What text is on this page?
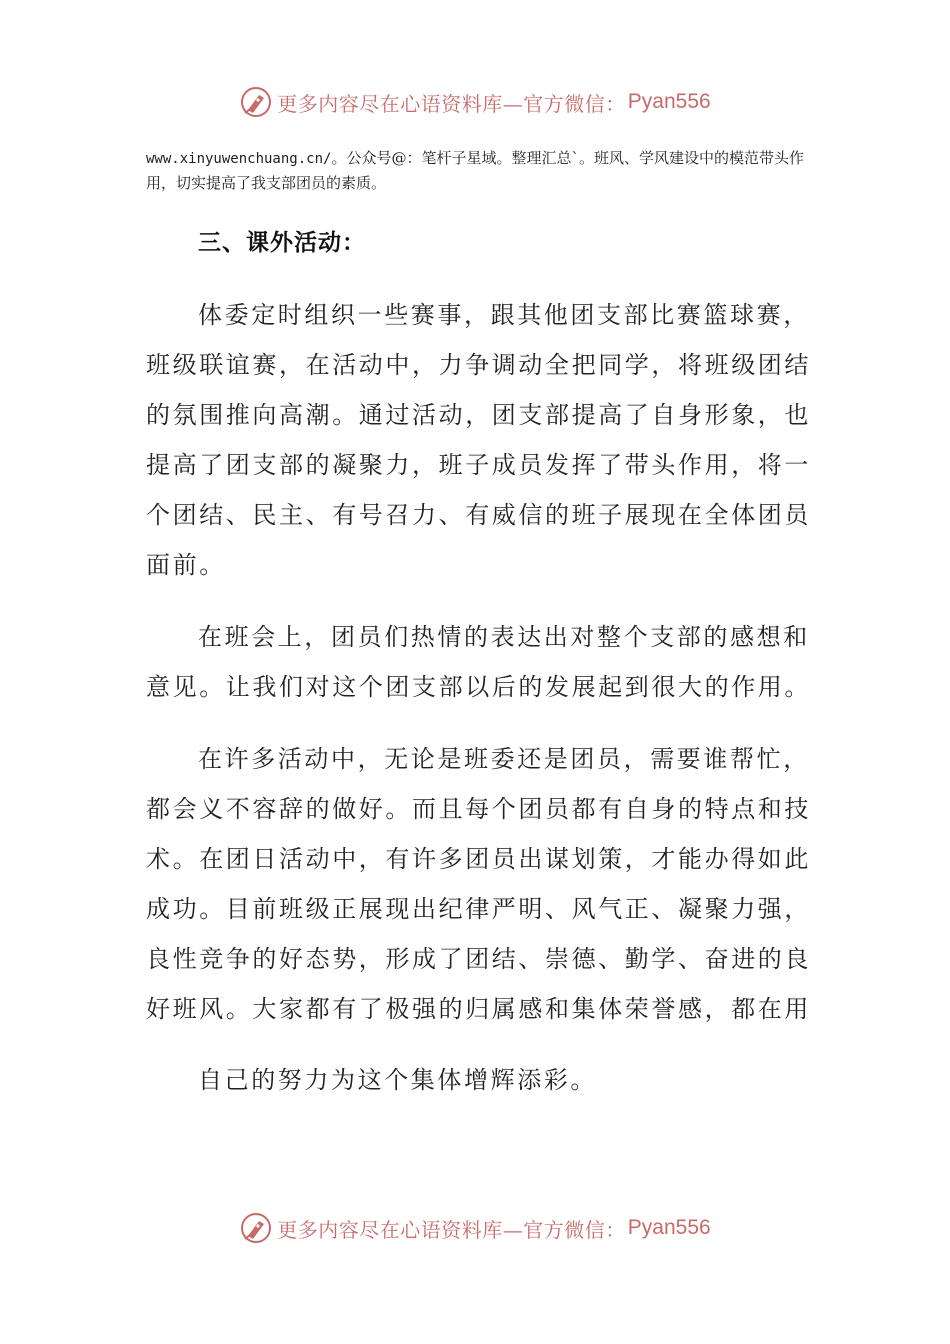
更多内容尽在心语资料库—官方微信： Pyan556
www.xinyuwenchuang.cn/。公众号@：笔杆子星域。整理汇总`。班风、学风建设中的模范带头作用，切实提高了我支部团员的素质。
三、课外活动：

体委定时组织一些赛事，跟其他团支部比赛篮球赛，班级联谊赛，在活动中，力争调动全把同学，将班级团结的氛围推向高潮。通过活动，团支部提高了自身形象，也提高了团支部的凝聚力，班子成员发挥了带头作用，将一个团结、民主、有号召力、有威信的班子展现在全体团员面前。

在班会上，团员们热情的表达出对整个支部的感想和意见。让我们对这个团支部以后的发展起到很大的作用。

在许多活动中，无论是班委还是团员，需要谁帮忙，都会义不容辞的做好。而且每个团员都有自身的特点和技术。在团日活动中，有许多团员出谋划策，才能办得如此成功。目前班级正展现出纪律严明、风气正、凝聚力强，良性竞争的好态势，形成了团结、崇德、勤学、奋进的良好班风。大家都有了极强的归属感和集体荣誉感，都在用

自己的努力为这个集体增辉添彩。

更多内容尽在心语资料库—官方微信： Pyan556
